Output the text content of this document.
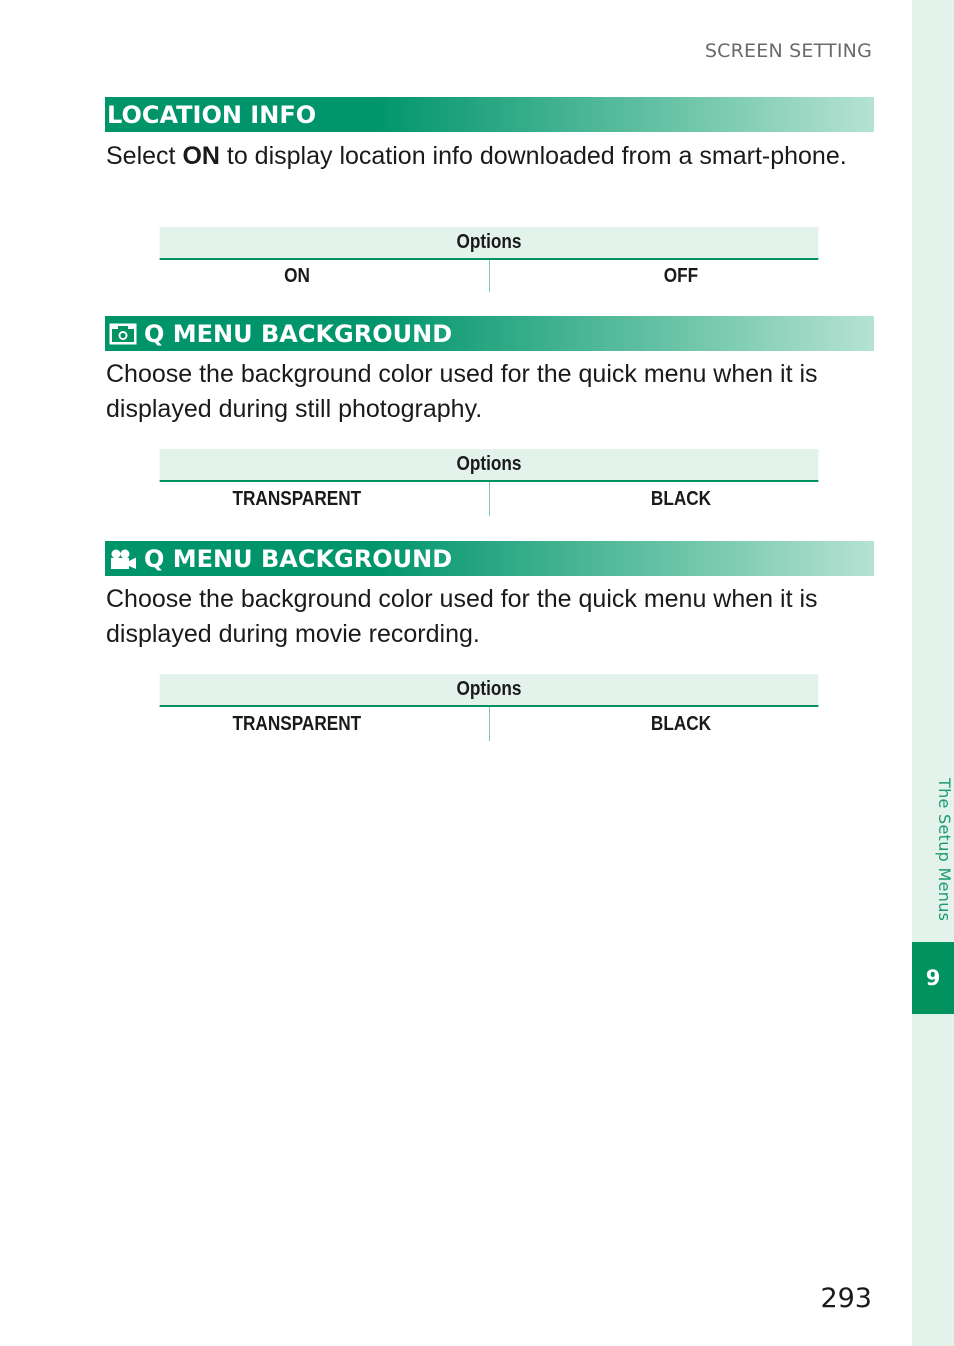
The Setup Menus
9
SCREEN SETTING
LOCATION INFO
Select ON to display location info downloaded from a smart-phone.
Options
ON	OFF
Q MENU BACKGROUND
Choose the background color used for the quick menu when it is displayed during still photography.
Options
TRANSPARENT	BLACK
Q MENU BACKGROUND
Choose the background color used for the quick menu when it is displayed during movie recording.
Options
TRANSPARENT	BLACK
293
